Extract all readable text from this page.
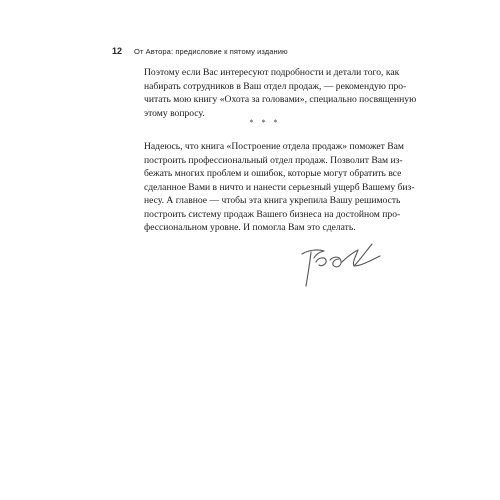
12 От Автора: предисловие к пятому изданию
Поэтому если Вас интересуют подробности и детали того, как
набирать сотрудников в Ваш отдел продаж, — рекомендую про-
читать мою книгу «Охота за головами», специально посвященную
этому вопросу.
* * *
Надеюсь, что книга «Построение отдела продаж» поможет Вам
построить профессиональный отдел продаж. Позволит Вам из-
бежать многих проблем и ошибок, которые могут обратить все
сделанное Вами в ничто и нанести серьезный ущерб Вашему биз-
несу. А главное — чтобы эта книга укрепила Вашу решимость
построить систему продаж Вашего бизнеса на достойном про-
фессиональном уровне. И помогла Вам это сделать.
